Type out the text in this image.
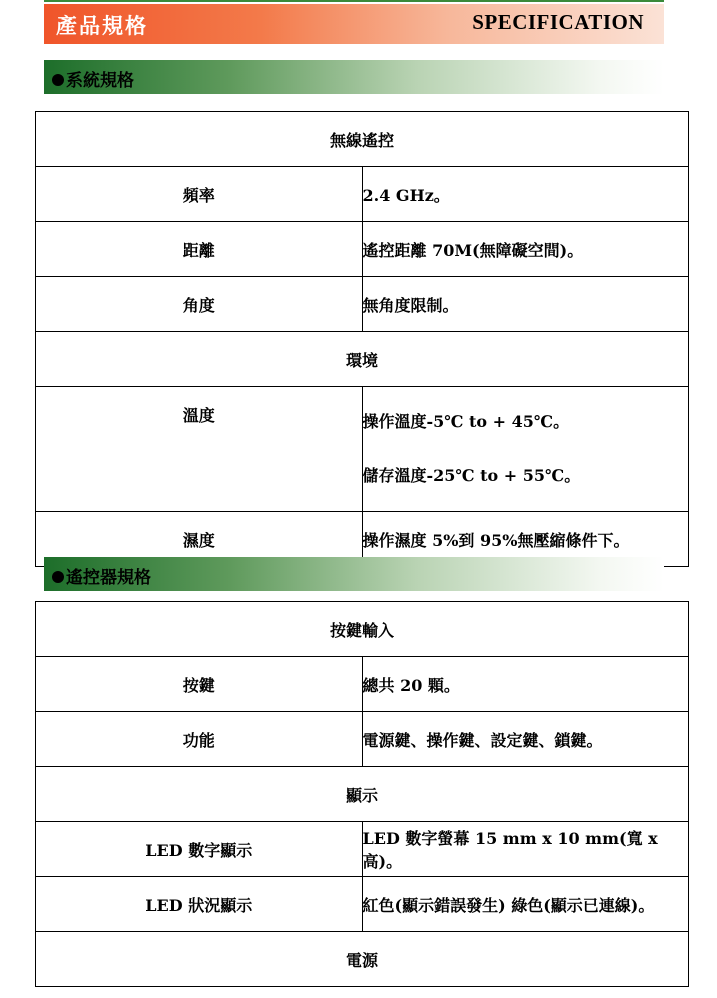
產品規格	SPECIFICATION
系統規格
無線遙控	
頻率	2.4 GHz。
距離	遙控距離 70M(無障礙空間)。
角度	無角度限制。
環境	
溫度	操作溫度-5℃ to + 45℃。
儲存溫度-25℃ to + 55℃。

濕度	操作濕度 5%到 95%無壓縮條件下。
遙控器規格
按鍵輸入	
按鍵	總共 20 顆。
功能	電源鍵、操作鍵、設定鍵、鎖鍵。
顯示	
LED 數字顯示	LED 數字螢幕 15 mm x 10 mm(寬 x 高)。
LED 狀況顯示	紅色(顯示錯誤發生) 綠色(顯示已連線)。
電源	
